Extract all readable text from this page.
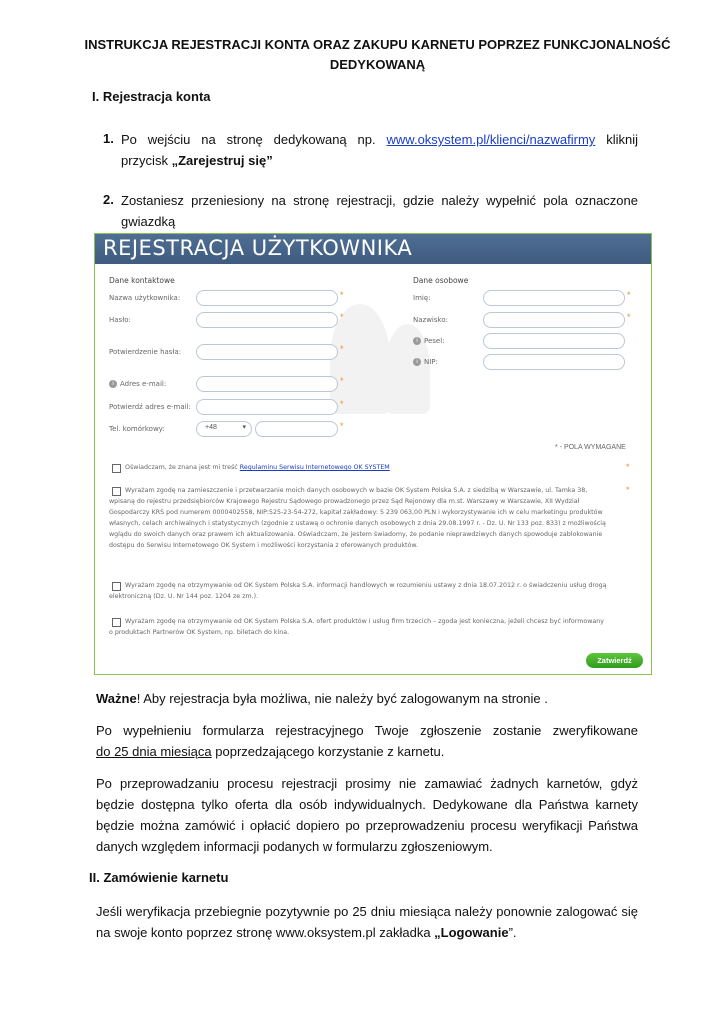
INSTRUKCJA REJESTRACJI KONTA ORAZ ZAKUPU KARNETU POPRZEZ FUNKCJONALNOŚĆ DEDYKOWANĄ
I. Rejestracja konta
1. Po wejściu na stronę dedykowaną np. www.oksystem.pl/klienci/nazwafirmy kliknij
przycisk „Zarejestruj się”
2. Zostaniesz przeniesiony na stronę rejestracji, gdzie należy wypełnić pola oznaczone gwiazdką
REJESTRACJA UŻYTKOWNIKA
Dane kontaktowe	Dane osobowe
Nazwa użytkownika:	*
Hasło:	*
Potwierdzenie hasła:	*
i Adres e-mail:	*
Potwierdź adres e-mail:	*
Tel. komórkowy:	+48	▾	*
Imię:	*
Nazwisko:	*
i Pesel:
i NIP:
* - POLA WYMAGANE
Oświadczam, że znana jest mi treść Regulaminu Serwisu Internetowego OK SYSTEM	*
Wyrażam zgodę na zamieszczenie i przetwarzanie moich danych osobowych w bazie OK System Polska S.A. z siedzibą w Warszawie, ul. Tamka 38,
wpisaną do rejestru przedsiębiorców Krajowego Rejestru Sądowego prowadzonego przez Sąd Rejonowy dla m.st. Warszawy w Warszawie, XII Wydział
Gospodarczy KRS pod numerem 0000402558, NIP:525-23-54-272, kapitał zakładowy: 5 239 063,00 PLN i wykorzystywanie ich w celu marketingu produktów
własnych, celach archiwalnych i statystycznych (zgodnie z ustawą o ochronie danych osobowych z dnia 29.08.1997 r. - Dz. U. Nr 133 poz. 833) z możliwością
wglądu do swoich danych oraz prawem ich aktualizowania. Oświadczam, że jestem świadomy, że podanie nieprawdziwych danych spowoduje zablokowanie
dostępu do Serwisu Internetowego OK System i możliwości korzystania z oferowanych produktów.
*
Wyrażam zgodę na otrzymywanie od OK System Polska S.A. informacji handlowych w rozumieniu ustawy z dnia 18.07.2012 r. o świadczeniu usług drogą
elektroniczną (Dz. U. Nr 144 poz. 1204 ze zm.).
Wyrażam zgodę na otrzymywanie od OK System Polska S.A. ofert produktów i usług firm trzecich – zgoda jest konieczna, jeżeli chcesz być informowany
o produktach Partnerów OK System, np. biletach do kina.
Zatwierdź
Ważne! Aby rejestracja była możliwa, nie należy być zalogowanym na stronie .
Po wypełnieniu formularza rejestracyjnego Twoje zgłoszenie zostanie zweryfikowane
do 25 dnia miesiąca poprzedzającego korzystanie z karnetu.
Po przeprowadzaniu procesu rejestracji prosimy nie zamawiać żadnych karnetów, gdyż będzie dostępna tylko oferta dla osób indywidualnych. Dedykowane dla Państwa karnety będzie można zamówić i opłacić dopiero po przeprowadzeniu procesu weryfikacji Państwa danych względem informacji podanych w formularzu zgłoszeniowym.
II. Zamówienie karnetu
Jeśli weryfikacja przebiegnie pozytywnie po 25 dniu miesiąca należy ponownie zalogować się na swoje konto poprzez stronę www.oksystem.pl zakładka „Logowanie”.
